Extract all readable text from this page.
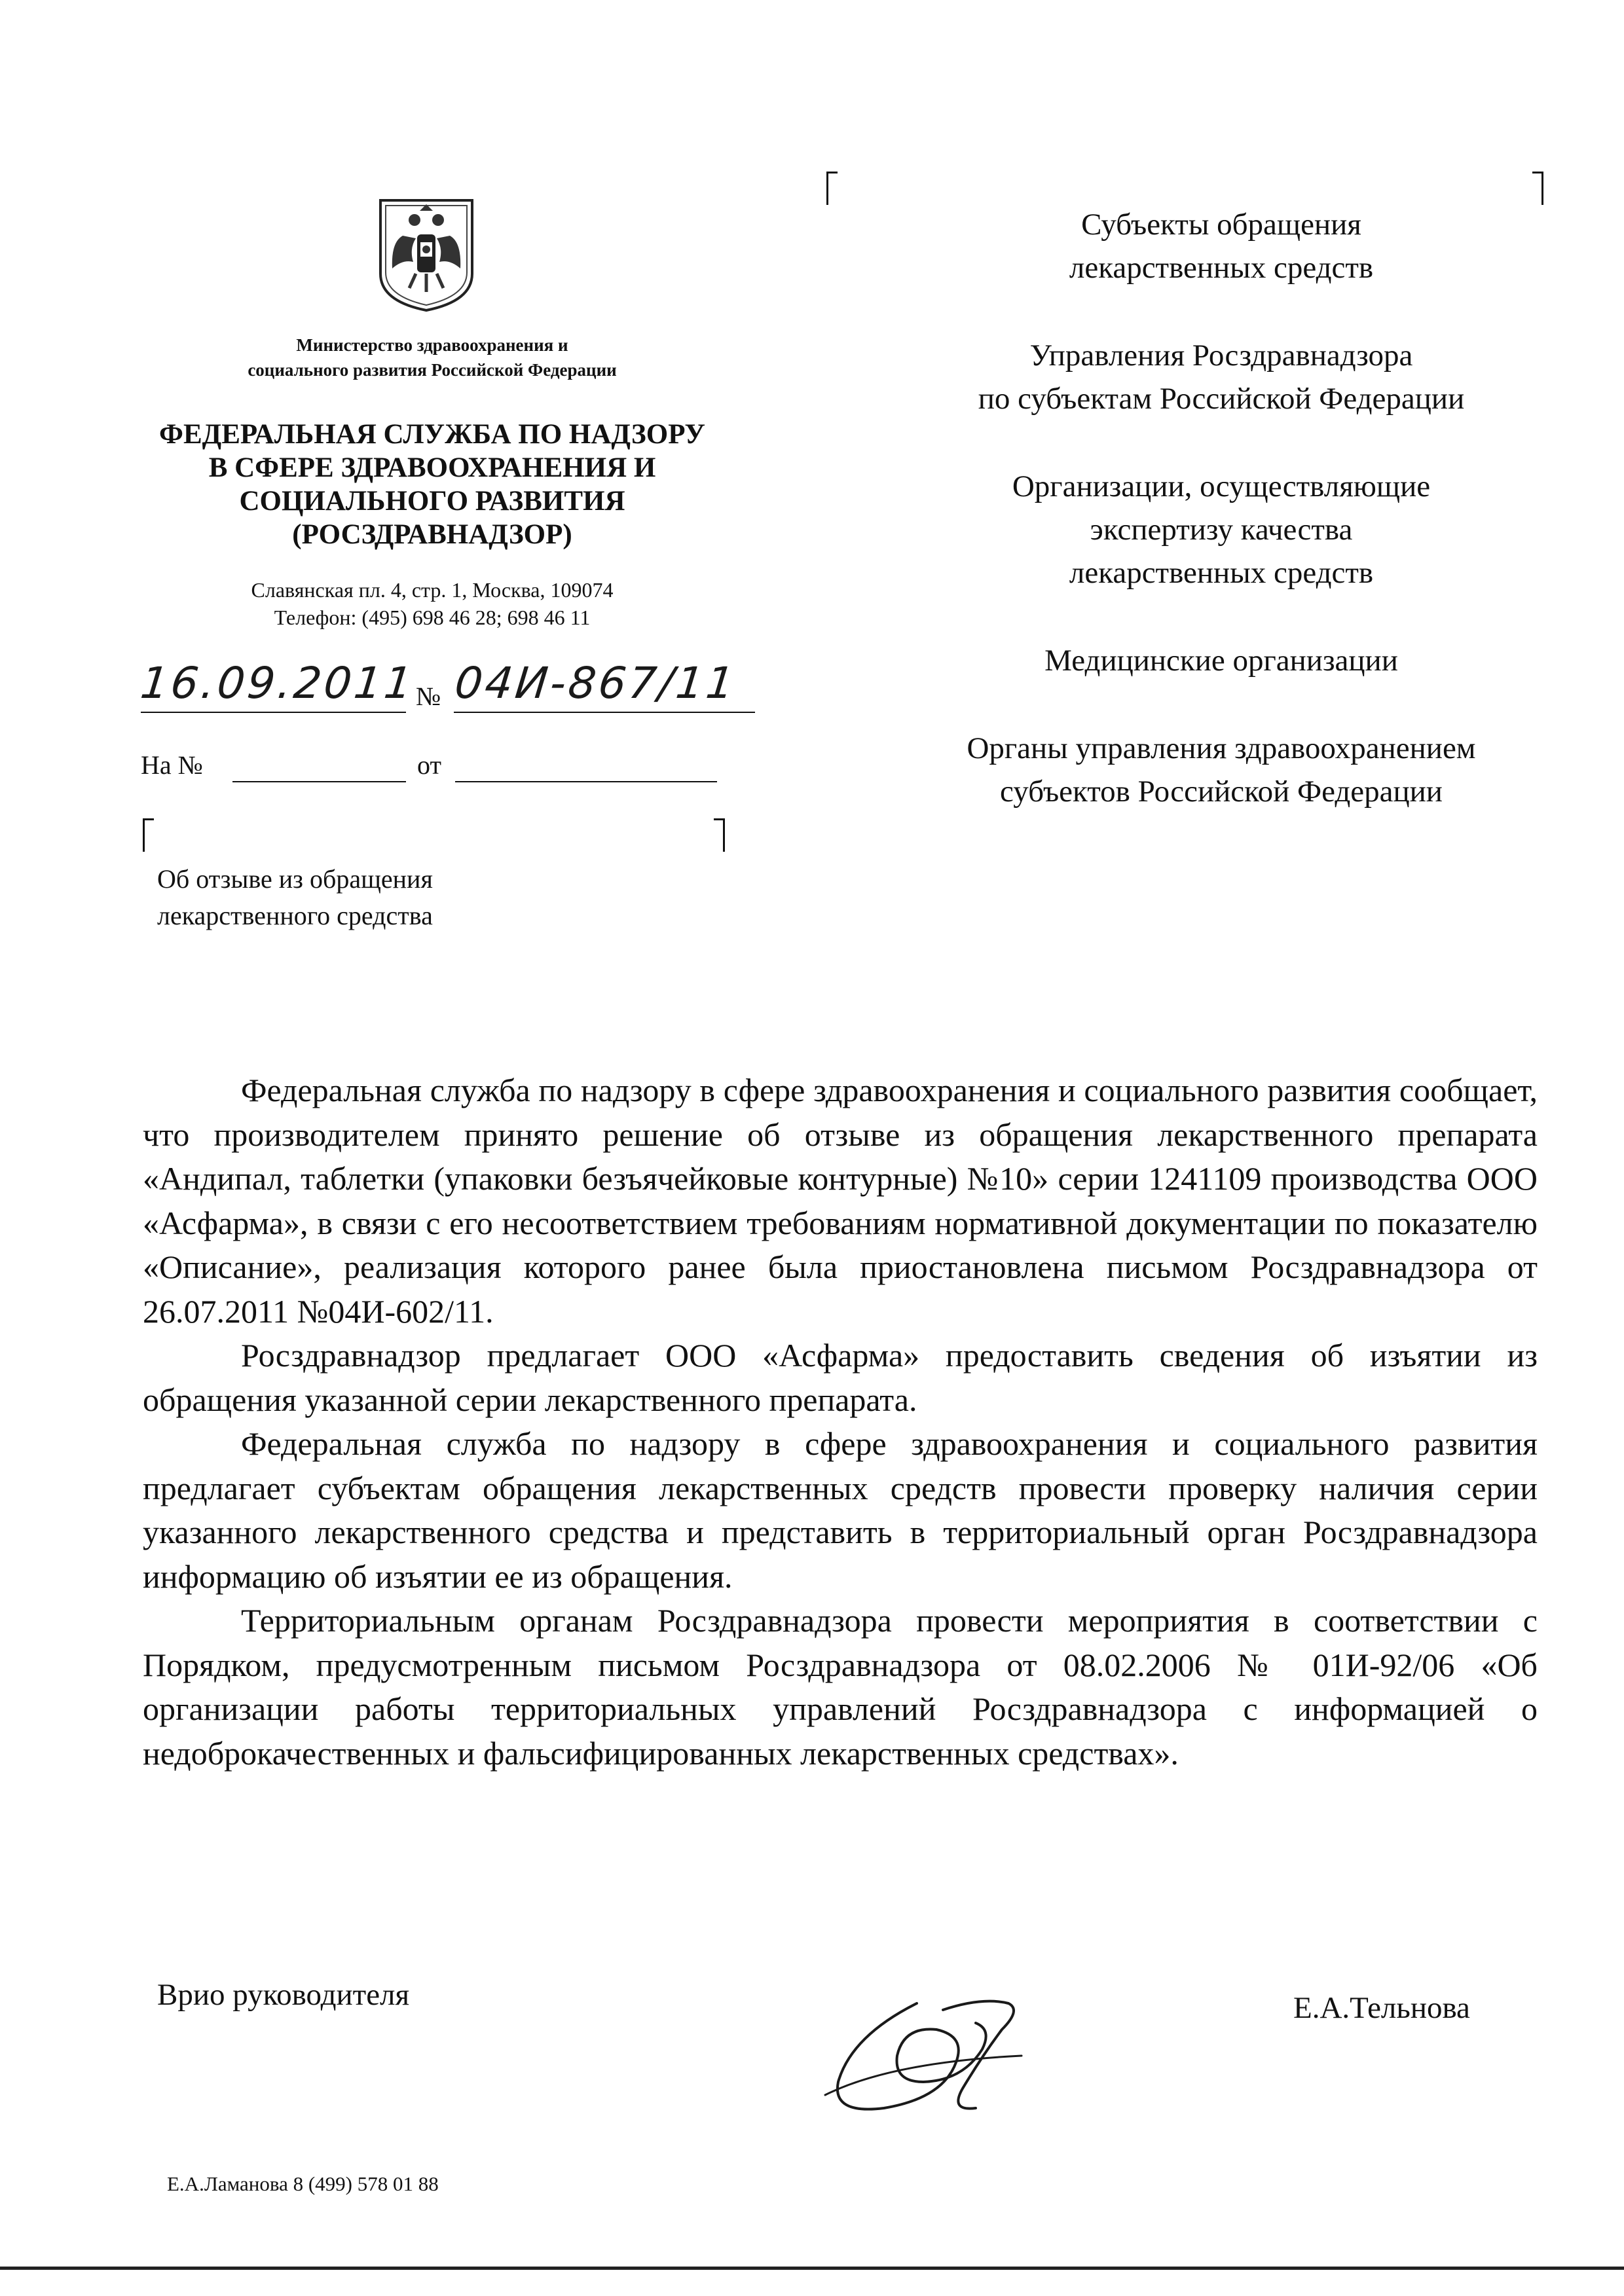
Министерство здравоохранения и
социального развития Российской Федерации
ФЕДЕРАЛЬНАЯ СЛУЖБА ПО НАДЗОРУ
В СФЕРЕ ЗДРАВООХРАНЕНИЯ И
СОЦИАЛЬНОГО РАЗВИТИЯ
(РОСЗДРАВНАДЗОР)
Славянская пл. 4, стр. 1, Москва, 109074
Телефон: (495) 698 46 28; 698 46 11
16.09.2011
№ 04И-867/11
На №	от
Об отзыве из обращения
лекарственного средства
Субъекты обращения
лекарственных средств
Управления Росздравнадзора
по субъектам Российской Федерации
Организации, осуществляющие
экспертизу качества
лекарственных средств
Медицинские организации
Органы управления здравоохранением
субъектов Российской Федерации

Федеральная служба по надзору в сфере здравоохранения и социального развития сообщает, что производителем принято решение об отзыве из обращения лекарственного препарата «Андипал, таблетки (упаковки безъячейковые контурные) №10» серии 1241109 производства ООО «Асфарма», в связи с его несоответствием требованиям нормативной документации по показателю «Описание», реализация которого ранее была приостановлена письмом Росздравнадзора от 26.07.2011 №04И-602/11.

Росздравнадзор предлагает ООО «Асфарма» предоставить сведения об изъятии из обращения указанной серии лекарственного препарата.

Федеральная служба по надзору в сфере здравоохранения и социального развития предлагает субъектам обращения лекарственных средств провести проверку наличия серии указанного лекарственного средства и представить в территориальный орган Росздравнадзора информацию об изъятии ее из обращения.

Территориальным органам Росздравнадзора провести мероприятия в соответствии с Порядком, предусмотренным письмом Росздравнадзора от 08.02.2006 № 01И-92/06 «Об организации работы территориальных управлений Росздравнадзора с информацией о недоброкачественных и фальсифицированных лекарственных средствах».

Врио руководителя	Е.А.Тельнова
Е.А.Ламанова 8 (499) 578 01 88
